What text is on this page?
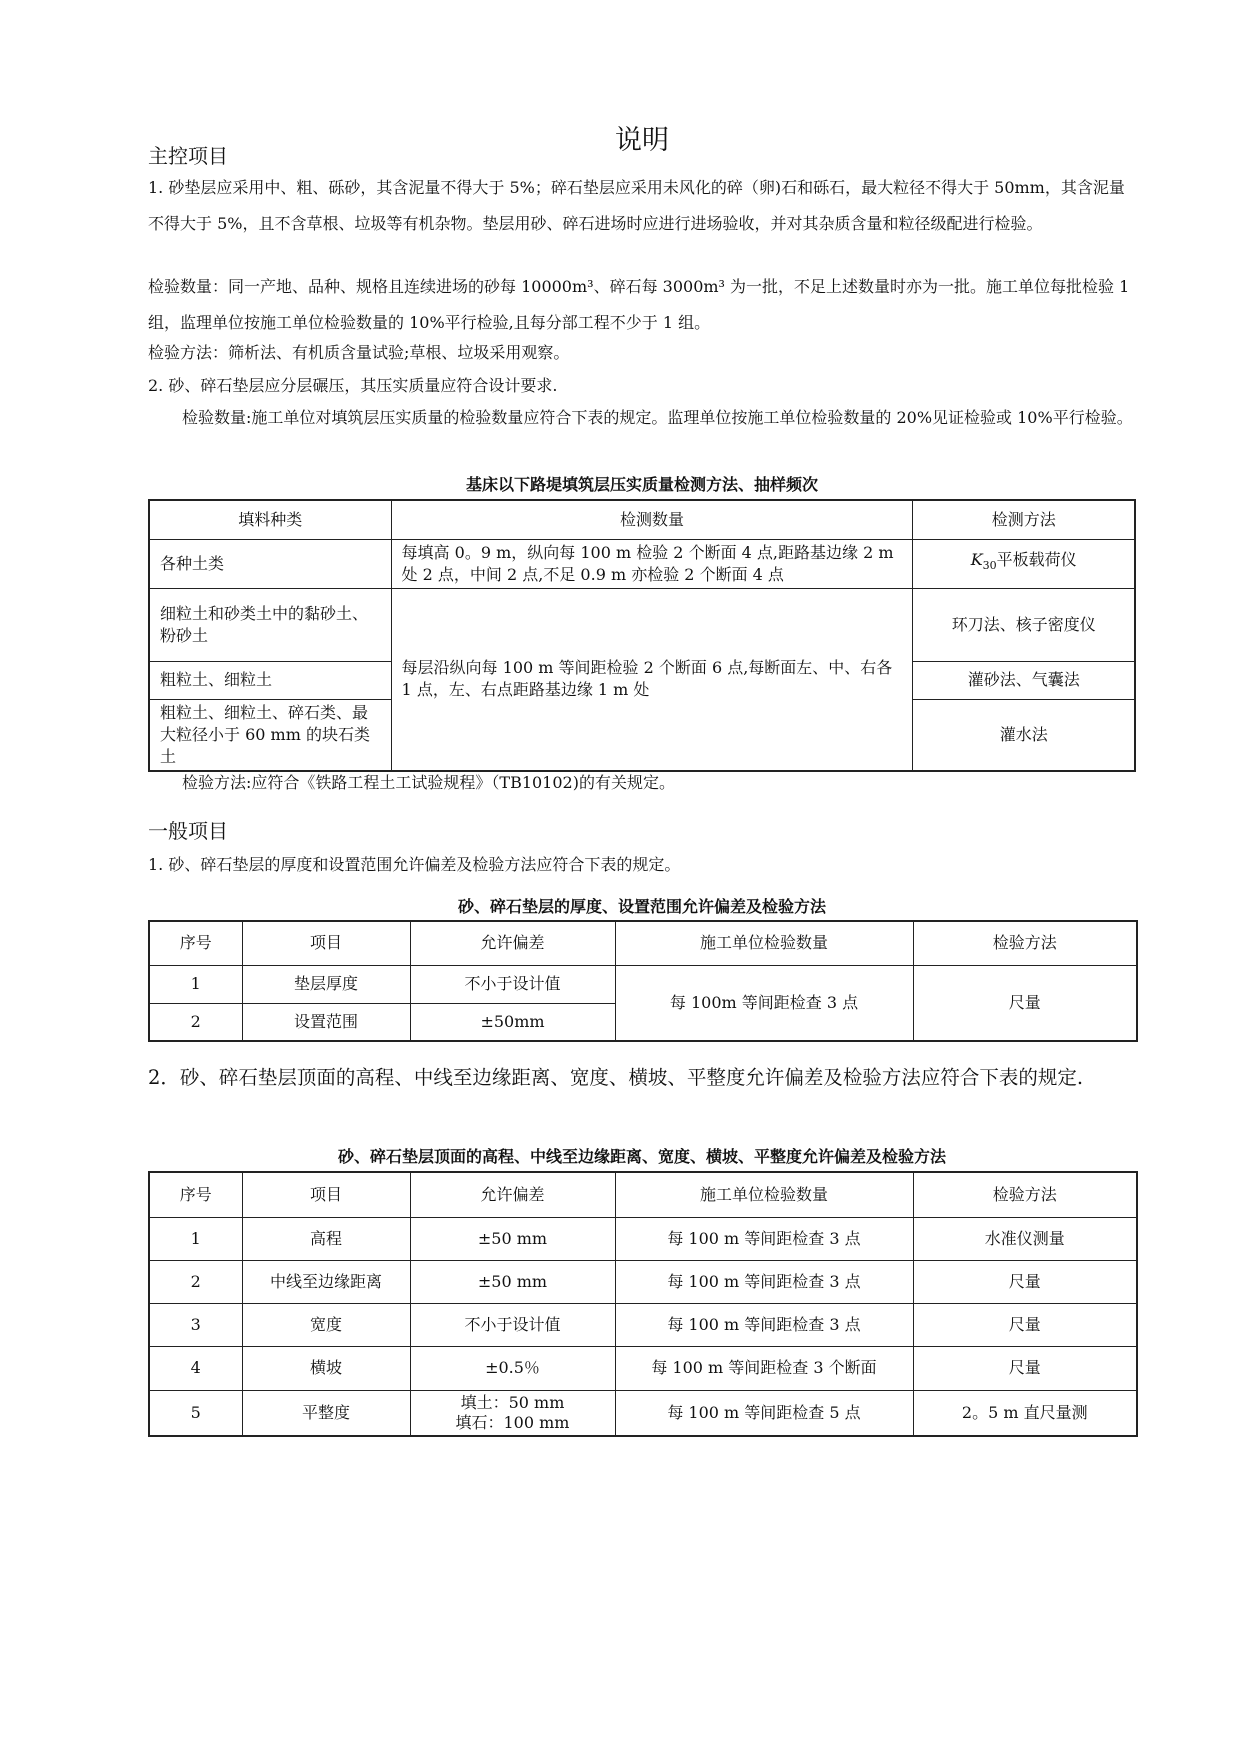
说明
主控项目
1. 砂垫层应采用中、粗、砾砂，其含泥量不得大于 5%；碎石垫层应采用未风化的碎（卵)石和砾石，最大粒径不得大于 50mm，其含泥量不得大于 5%，且不含草根、垃圾等有机杂物。垫层用砂、碎石进场时应进行进场验收，并对其杂质含量和粒径级配进行检验。
检验数量：同一产地、品种、规格且连续进场的砂每 10000m³、碎石每 3000m³ 为一批，不足上述数量时亦为一批。施工单位每批检验 1 组，监理单位按施工单位检验数量的 10%平行检验,且每分部工程不少于 1 组。
检验方法：筛析法、有机质含量试验;草根、垃圾采用观察。
2. 砂、碎石垫层应分层碾压，其压实质量应符合设计要求.
检验数量:施工单位对填筑层压实质量的检验数量应符合下表的规定。监理单位按施工单位检验数量的 20%见证检验或 10%平行检验。
基床以下路堤填筑层压实质量检测方法、抽样频次
填料种类	检测数量	检测方法
各种土类	每填高 0。9 m，纵向每 100 m 检验 2 个断面 4 点,距路基边缘 2 m 处 2 点，中间 2 点,不足 0.9 m 亦检验 2 个断面 4 点	$K_{30}$平板载荷仪
细粒土和砂类土中的黏砂土、粉砂土	每层沿纵向每 100 m 等间距检验 2 个断面 6 点,每断面左、中、右各 1 点，左、右点距路基边缘 1 m 处	环刀法、核子密度仪
粗粒土、细粒土		灌砂法、气囊法
粗粒土、细粒土、碎石类、最大粒径小于 60 mm 的块石类土		灌水法
检验方法:应符合《铁路工程土工试验规程》（TB10102)的有关规定。
一般项目
1. 砂、碎石垫层的厚度和设置范围允许偏差及检验方法应符合下表的规定。
砂、碎石垫层的厚度、设置范围允许偏差及检验方法
序号	项目	允许偏差	施工单位检验数量	检验方法
1	垫层厚度	不小于设计值	每 100m 等间距检查 3 点	尺量
2	设置范围	±50mm		
2．砂、碎石垫层顶面的高程、中线至边缘距离、宽度、横坡、平整度允许偏差及检验方法应符合下表的规定.
砂、碎石垫层顶面的高程、中线至边缘距离、宽度、横坡、平整度允许偏差及检验方法
序号	项目	允许偏差	施工单位检验数量	检验方法
1	高程	±50 mm	每 100 m 等间距检查 3 点	水准仪测量
2	中线至边缘距离	±50 mm	每 100 m 等间距检查 3 点	尺量
3	宽度	不小于设计值	每 100 m 等间距检查 3 点	尺量
4	横坡	±0.5％	每 100 m 等间距检查 3 个断面	尺量
5	平整度	填土：50 mm
填石：100 mm	每 100 m 等间距检查 5 点	2。5 m 直尺量测
